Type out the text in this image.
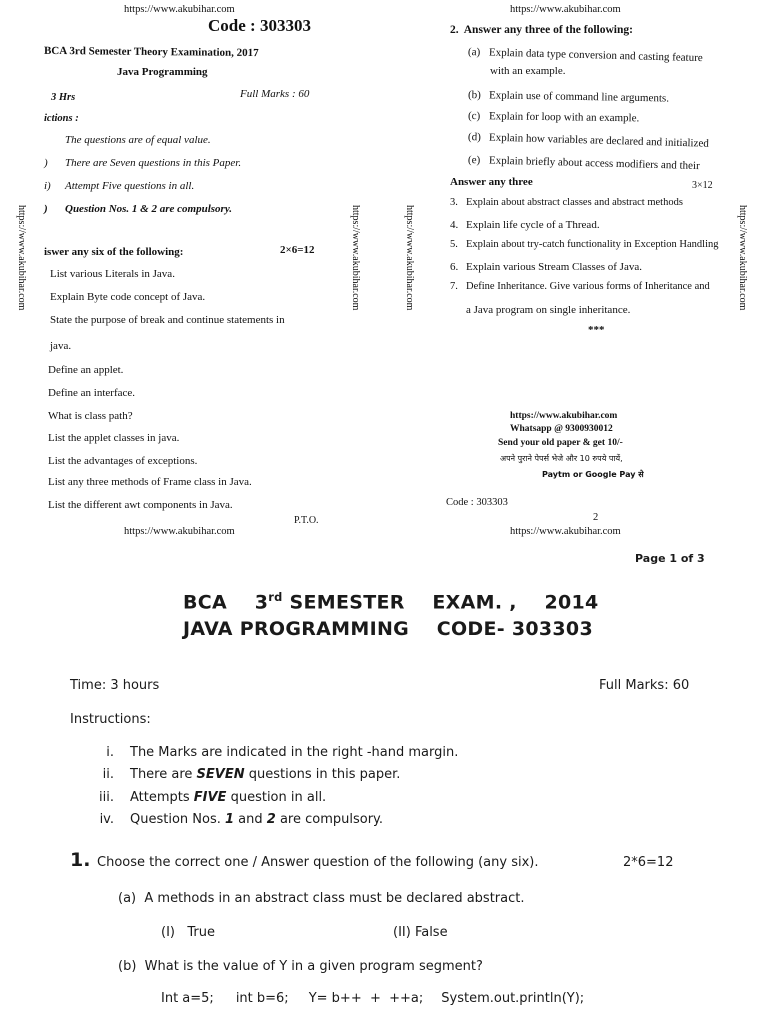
https://www.akubihar.com
Code : 303303
BCA 3rd Semester Theory Examination, 2017
Java Programming
3 Hrs	Full Marks : 60
ictions :
The questions are of equal value.
) There are Seven questions in this Paper.
i) Attempt Five questions in all.
) Question Nos. 1 & 2 are compulsory.
iswer any six of the following:	2×6=12
List various Literals in Java.
Explain Byte code concept of Java.
State the purpose of break and continue statements in
java.
Define an applet.
Define an interface.
What is class path?
List the applet classes in java.
List the advantages of exceptions.
List any three methods of Frame class in Java.
List the different awt components in Java.
P.T.O.
https://www.akubihar.com
https://www.akubihar.com	https://www.akubihar.com	https://www.akubihar.com	https://www.akubihar.com
https://www.akubihar.com
2. Answer any three of the following:
(a) Explain data type conversion and casting feature
with an example.
(b) Explain use of command line arguments.
(c) Explain for loop with an example.
(d) Explain how variables are declared and initialized
(e) Explain briefly about access modifiers and their
Answer any three	3×12
3. Explain about abstract classes and abstract methods
4. Explain life cycle of a Thread.
5. Explain about try-catch functionality in Exception Handling
6. Explain various Stream Classes of Java.
7. Define Inheritance. Give various forms of Inheritance and
a Java program on single inheritance.
***
https://www.akubihar.com
Whatsapp @ 9300930012
Send your old paper & get 10/-
अपने पुराने पेपर्स भेजे और 10 रुपये पायें,
Paytm or Google Pay से
Code : 303303
2
https://www.akubihar.com
Page 1 of 3
BCA 3rd SEMESTER EXAM. , 2014
JAVA PROGRAMMING    CODE- 303303
Time: 3 hours	Full Marks: 60
Instructions:
i. The Marks are indicated in the right -hand margin.
ii. There are SEVEN questions in this paper.
iii. Attempts FIVE question in all.
iv. Question Nos. 1 and 2 are compulsory.
1. Choose the correct one / Answer question of the following (any six).	2*6=12
(a)  A methods in an abstract class must be declared abstract.
(I)   True	(II) False
(b)  What is the value of Y in a given program segment?
Int a=5; int b=6; Y= b++  +  ++a; System.out.println(Y);
